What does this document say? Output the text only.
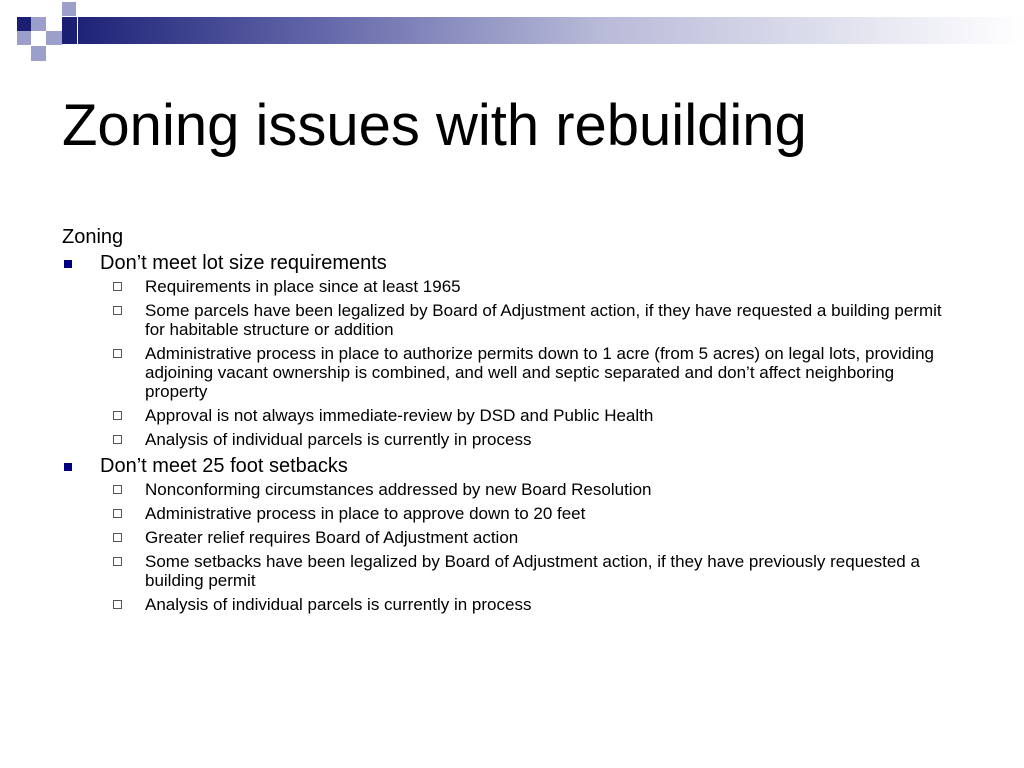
Zoning issues with rebuilding
Zoning
Don’t meet lot size requirements
Requirements in place since at least 1965
Some parcels have been legalized by Board of Adjustment action, if they have requested a building permit for habitable structure or addition
Administrative process in place to authorize permits down to 1 acre (from 5 acres) on legal lots, providing adjoining vacant ownership is combined, and well and septic separated and don’t affect neighboring property
Approval is not always immediate-review by DSD and Public Health
Analysis of individual parcels is currently in process
Don’t meet 25 foot setbacks
Nonconforming circumstances addressed by new Board Resolution
Administrative process in place to approve down to 20 feet
Greater relief requires Board of Adjustment action
Some setbacks have been legalized by Board of Adjustment action, if they have previously requested a building permit
Analysis of individual parcels is currently in process
